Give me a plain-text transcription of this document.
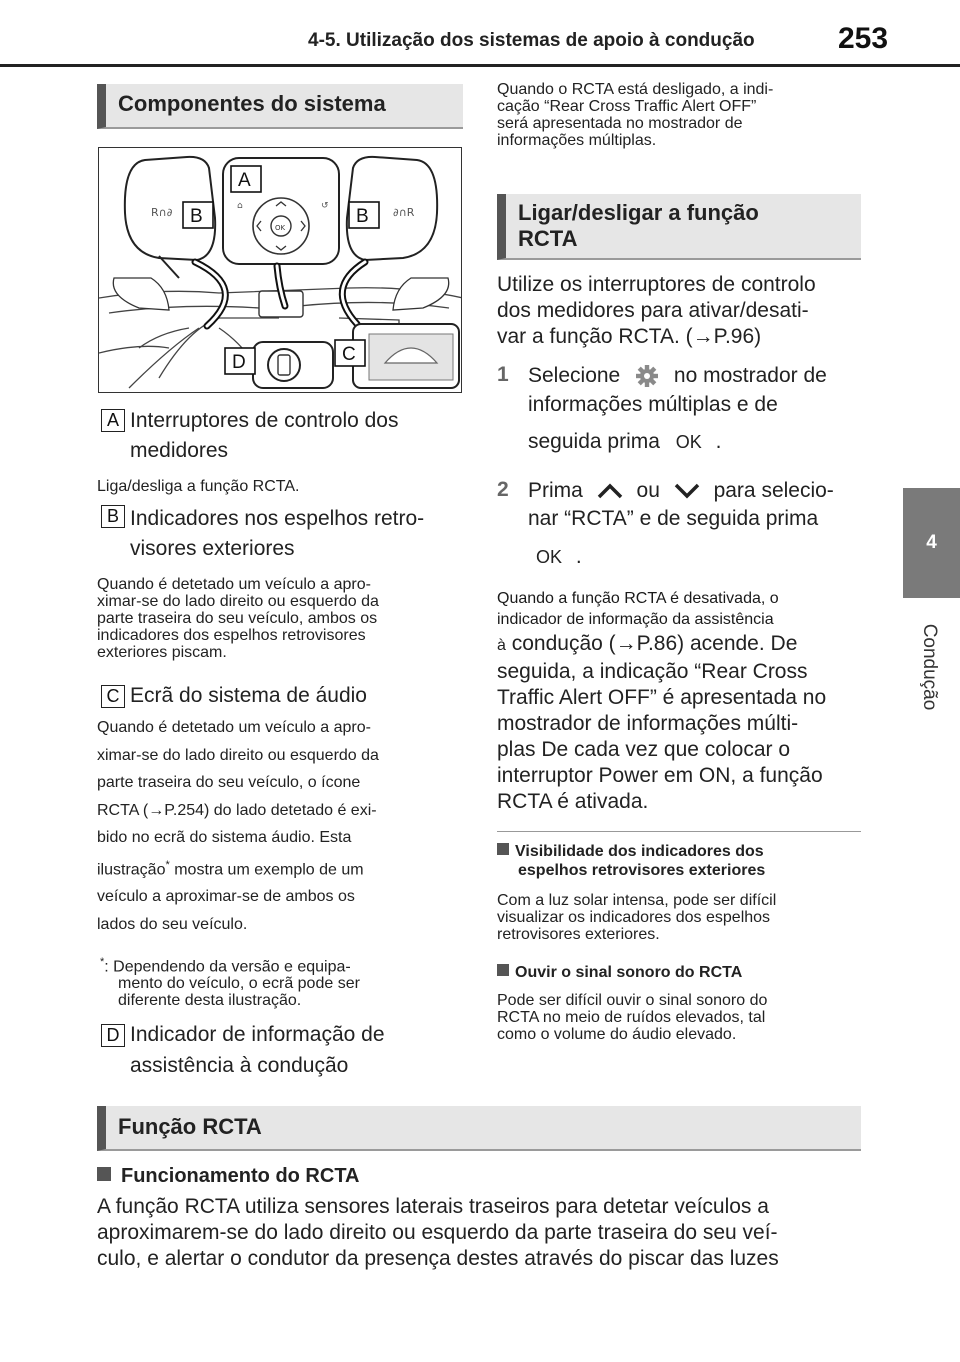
4-5. Utilização dos sistemas de apoio à condução	253
4
Condução
Componentes do sistema
R∩∂	∂∩R
OK
⌂	↺
A
B	B
C
D
A Interruptores de controlo dos
medidores
Liga/desliga a função RCTA.
B Indicadores nos espelhos retro-
visores exteriores
Quando é detetado um veículo a apro-
ximar-se do lado direito ou esquerdo da
parte traseira do seu veículo, ambos os
indicadores dos espelhos retrovisores
exteriores piscam.
C Ecrã do sistema de áudio
Quando é detetado um veículo a apro-
ximar-se do lado direito ou esquerdo da
parte traseira do seu veículo, o ícone
RCTA (→P.254) do lado detetado é exi-
bido no ecrã do sistema áudio. Esta
ilustração* mostra um exemplo de um
veículo a aproximar-se de ambos os
lados do seu veículo.
*: Dependendo da versão e equipa-
mento do veículo, o ecrã pode ser
diferente desta ilustração.
D Indicador de informação de
assistência à condução
Quando o RCTA está desligado, a indi-
cação “Rear Cross Traffic Alert OFF”
será apresentada no mostrador de
informações múltiplas.
Ligar/desligar a função
RCTA
Utilize os interruptores de controlo
dos medidores para ativar/desati-
var a função RCTA. (→P.96)
1 Selecione	no mostrador de
informações múltiplas e de
seguida prima OK .
2 Prima	ou	para selecio-
nar “RCTA” e de seguida prima
OK .
Quando a função RCTA é desativada, o
indicador de informação da assistência
à condução (→P.86) acende. De
seguida, a indicação “Rear Cross
Traffic Alert OFF” é apresentada no
mostrador de informações múlti-
plas De cada vez que colocar o
interruptor Power em ON, a função
RCTA é ativada.
Visibilidade dos indicadores dos
espelhos retrovisores exteriores
Com a luz solar intensa, pode ser difícil
visualizar os indicadores dos espelhos
retrovisores exteriores.
Ouvir o sinal sonoro do RCTA
Pode ser difícil ouvir o sinal sonoro do
RCTA no meio de ruídos elevados, tal
como o volume do áudio elevado.
Função RCTA
Funcionamento do RCTA
A função RCTA utiliza sensores laterais traseiros para detetar veículos a
aproximarem-se do lado direito ou esquerdo da parte traseira do seu veí-
culo, e alertar o condutor da presença destes através do piscar das luzes
